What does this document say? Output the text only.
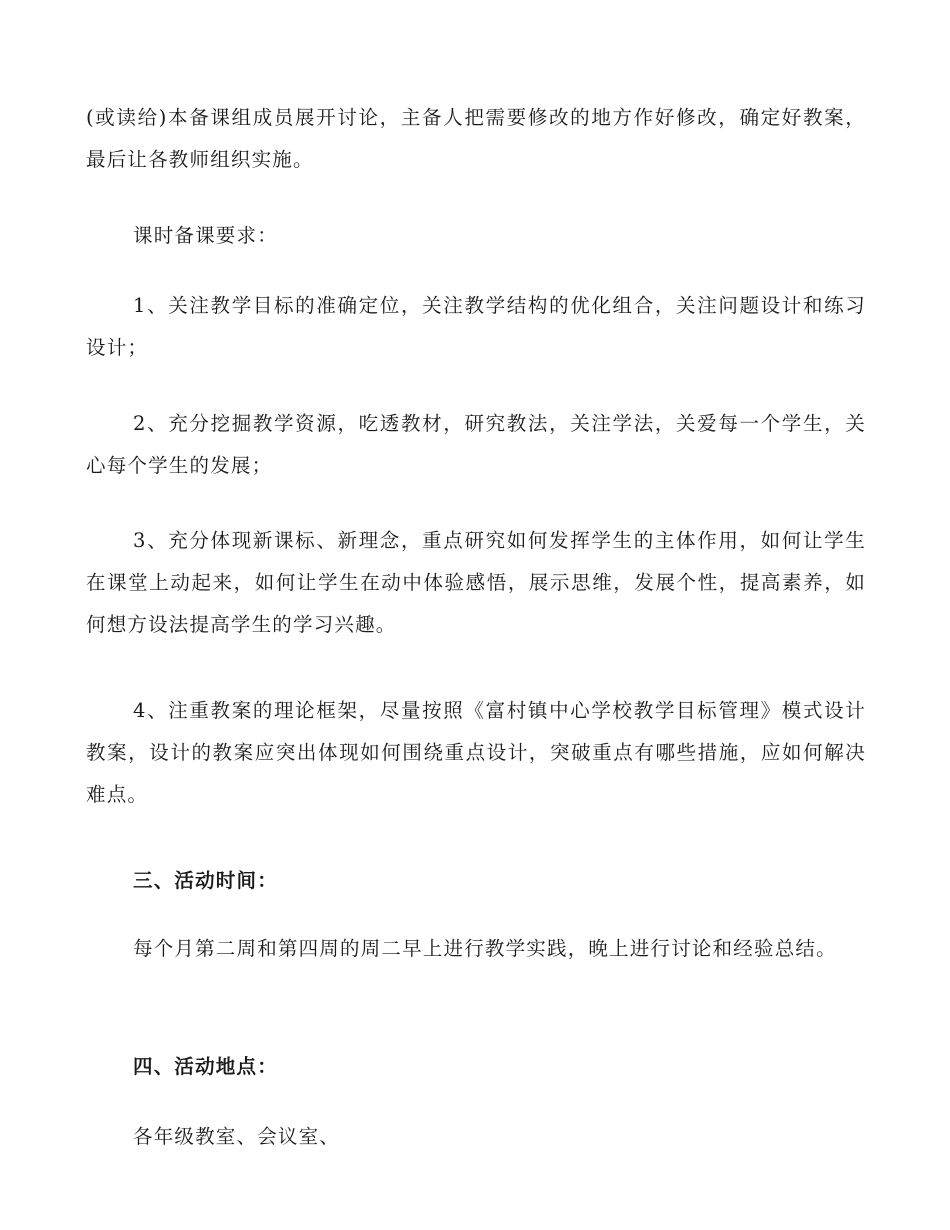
(或读给)本备课组成员展开讨论，主备人把需要修改的地方作好修改，确定好教案，最后让各教师组织实施。

课时备课要求：

1、关注教学目标的准确定位，关注教学结构的优化组合，关注问题设计和练习设计；

2、充分挖掘教学资源，吃透教材，研究教法，关注学法，关爱每一个学生，关心每个学生的发展；

3、充分体现新课标、新理念，重点研究如何发挥学生的主体作用，如何让学生在课堂上动起来，如何让学生在动中体验感悟，展示思维，发展个性，提高素养，如何想方设法提高学生的学习兴趣。

4、注重教案的理论框架，尽量按照《富村镇中心学校教学目标管理》模式设计教案，设计的教案应突出体现如何围绕重点设计，突破重点有哪些措施，应如何解决难点。

三、活动时间：

每个月第二周和第四周的周二早上进行教学实践，晚上进行讨论和经验总结。

四、活动地点：

各年级教室、会议室、
